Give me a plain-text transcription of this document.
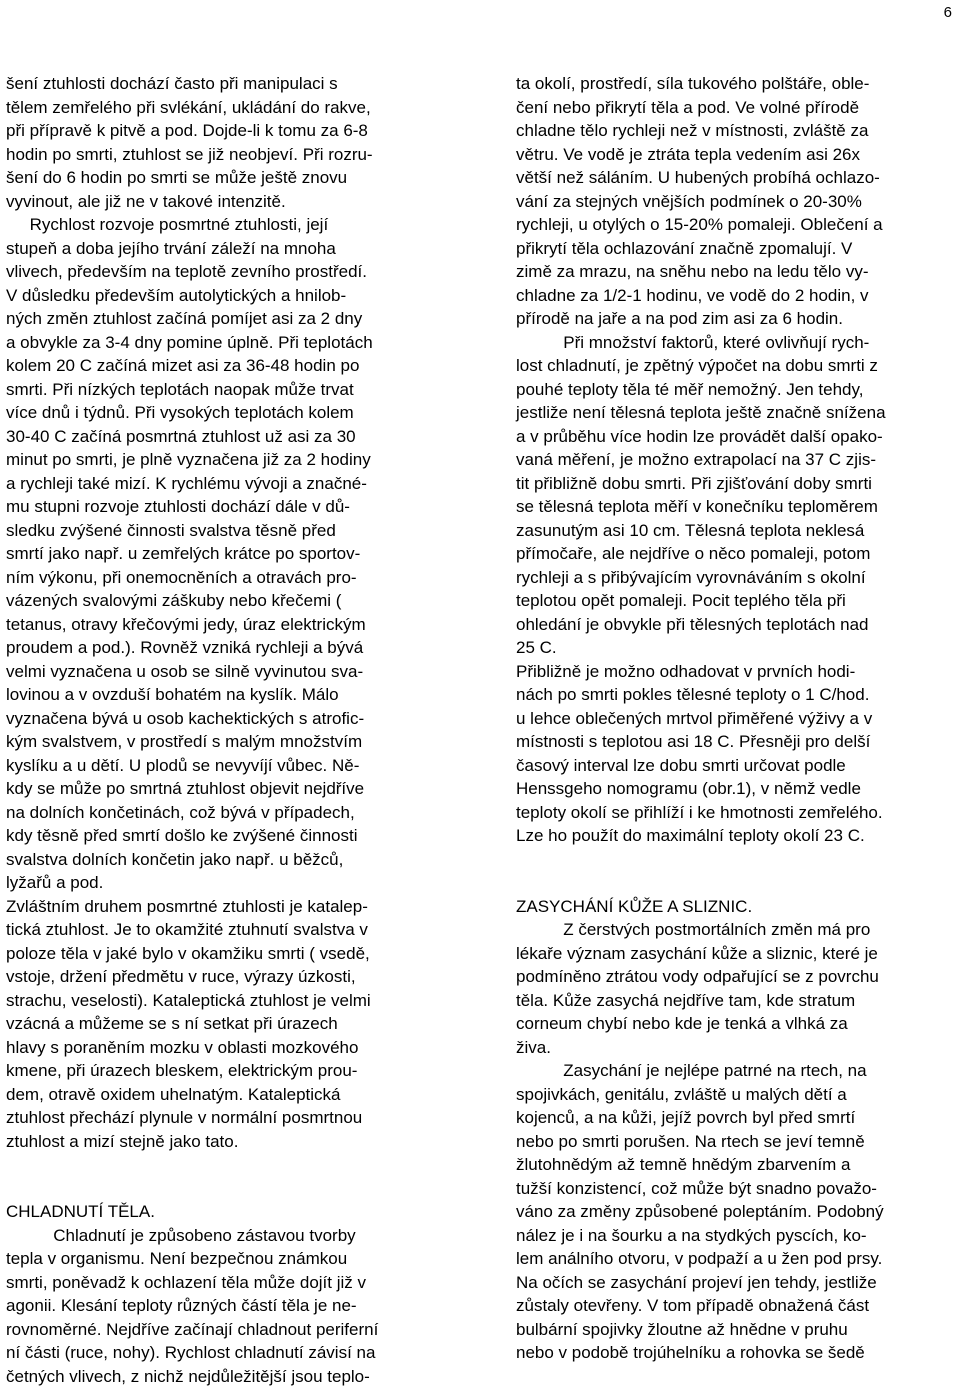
6
šení ztuhlosti dochází často při manipulaci s
tělem zemřelého při svlékání, ukládání do rakve,
při přípravě k pitvě a pod. Dojde-li k tomu za 6-8
hodin po smrti, ztuhlost se již neobjeví. Při rozru-
šení do 6 hodin po smrti se může ještě znovu
vyvinout, ale již ne v takové intenzitě.
Rychlost rozvoje posmrtné ztuhlosti, její
stupeň a doba jejího trvání záleží na mnoha
vlivech, především na teplotě zevního prostředí.
V důsledku především autolytických a hnilob-
ných změn ztuhlost začíná pomíjet asi za 2 dny
a obvykle za 3-4 dny pomine úplně. Při teplotách
kolem 20 C začíná mizet asi za 36-48 hodin po
smrti. Při nízkých teplotách naopak může trvat
více dnů i týdnů. Při vysokých teplotách kolem
30-40 C začíná posmrtná ztuhlost už asi za 30
minut po smrti, je plně vyznačena již za 2 hodiny
a rychleji také mizí. K rychlému vývoji a značné-
mu stupni rozvoje ztuhlosti dochází dále v dů-
sledku zvýšené činnosti svalstva těsně před
smrtí jako např. u zemřelých krátce po sportov-
ním výkonu, při onemocněních a otravách pro-
vázených svalovými záškuby nebo křečemi (
tetanus, otravy křečovými jedy, úraz elektrickým
proudem a pod.). Rovněž vzniká rychleji a bývá
velmi vyznačena u osob se silně vyvinutou sva-
lovinou a v ovzduší bohatém na kyslík. Málo
vyznačena bývá u osob kachektických s atrofic-
kým svalstvem, v prostředí s malým množstvím
kyslíku a u dětí. U plodů se nevyvíjí vůbec. Ně-
kdy se může po smrtná ztuhlost objevit nejdříve
na dolních končetinách, což bývá v případech,
kdy těsně před smrtí došlo ke zvýšené činnosti
svalstva dolních končetin jako např. u běžců,
lyžařů a pod.
Zvláštním druhem posmrtné ztuhlosti je katalep-
tická ztuhlost. Je to okamžité ztuhnutí svalstva v
poloze těla v jaké bylo v okamžiku smrti ( vsedě,
vstoje, držení předmětu v ruce, výrazy úzkosti,
strachu, veselosti). Kataleptická ztuhlost je velmi
vzácná a můžeme se s ní setkat při úrazech
hlavy s poraněním mozku v oblasti mozkového
kmene, při úrazech bleskem, elektrickým prou-
dem, otravě oxidem uhelnatým. Kataleptická
ztuhlost přechází plynule v normální posmrtnou
ztuhlost a mizí stejně jako tato.
CHLADNUTÍ TĚLA.
Chladnutí je způsobeno zástavou tvorby
tepla v organismu. Není bezpečnou známkou
smrti, poněvadž k ochlazení těla může dojít již v
agonii. Klesání teploty různých částí těla je ne-
rovnoměrné. Nejdříve začínají chladnout periferní
ní části (ruce, nohy). Rychlost chladnutí závisí na
četných vlivech, z nichž nejdůležitější jsou teplo-
ta okolí, prostředí, síla tukového polštáře, oble-
čení nebo přikrytí těla a pod. Ve volné přírodě
chladne tělo rychleji než v místnosti, zvláště za
větru. Ve vodě je ztráta tepla vedením asi 26x
větší než sáláním. U hubených probíhá ochlazo-
vání za stejných vnějších podmínek o 20-30%
rychleji, u otylých o 15-20% pomaleji. Oblečení a
přikrytí těla ochlazování značně zpomalují. V
zimě za mrazu, na sněhu nebo na ledu tělo vy-
chladne za 1/2-1 hodinu, ve vodě do 2 hodin, v
přírodě na jaře a na pod zim asi za 6 hodin.
Při množství faktorů, které ovlivňují rych-
lost chladnutí, je zpětný výpočet na dobu smrti z
pouhé teploty těla té měř nemožný. Jen tehdy,
jestliže není tělesná teplota ještě značně snížena
a v průběhu více hodin lze provádět další opako-
vaná měření, je možno extrapolací na 37 C zjis-
tit přibližně dobu smrti. Při zjišťování doby smrti
se tělesná teplota měří v konečníku teploměrem
zasunutým asi 10 cm. Tělesná teplota neklesá
přímočaře, ale nejdříve o něco pomaleji, potom
rychleji a s přibývajícím vyrovnáváním s okolní
teplotou opět pomaleji. Pocit teplého těla při
ohledání je obvykle při tělesných teplotách nad
25 C.
Přibližně je možno odhadovat v prvních hodi-
nách po smrti pokles tělesné teploty o 1 C/hod.
u lehce oblečených mrtvol přiměřené výživy a v
místnosti s teplotou asi 18 C. Přesněji pro delší
časový interval lze dobu smrti určovat podle
Henssgeho nomogramu (obr.1), v němž vedle
teploty okolí se přihlíží i ke hmotnosti zemřelého.
Lze ho použít do maximální teploty okolí 23 C.
ZASYCHÁNÍ KŮŽE A SLIZNIC.
Z čerstvých postmortálních změn má pro
lékaře význam zasychání kůže a sliznic, které je
podmíněno ztrátou vody odpařující se z povrchu
těla. Kůže zasychá nejdříve tam, kde stratum
corneum chybí nebo kde je tenká a vlhká za
živa.
Zasychání je nejlépe patrné na rtech, na
spojivkách, genitálu, zvláště u malých dětí a
kojenců, a na kůži, jejíž povrch byl před smrtí
nebo po smrti porušen. Na rtech se jeví temně
žlutohnědým až temně hnědým zbarvením a
tužší konzistencí, což může být snadno považo-
váno za změny způsobené poleptáním. Podobný
nález je i na šourku a na stydkých pyscích, ko-
lem análního otvoru, v podpaží a u žen pod prsy.
Na očích se zasychání projeví jen tehdy, jestliže
zůstaly otevřeny. V tom případě obnažená část
bulbární spojivky žloutne až hnědne v pruhu
nebo v podobě trojúhelníku a rohovka se šedě
